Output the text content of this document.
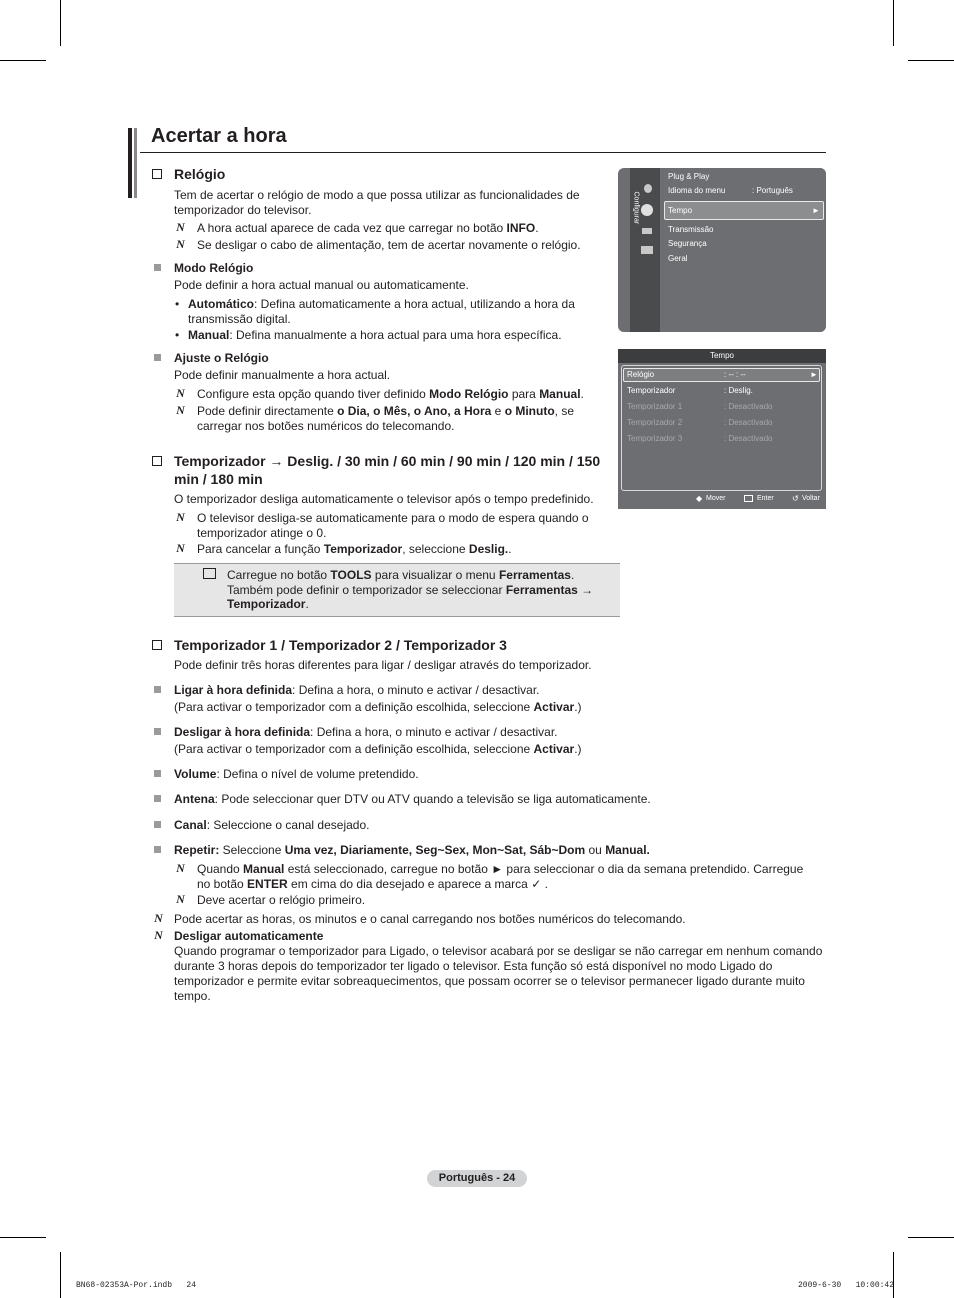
Acertar a hora
Relógio

Tem de acertar o relógio de modo a que possa utilizar as funcionalidades de temporizador do televisor.

N A hora actual aparece de cada vez que carregar no botão INFO.

N Se desligar o cabo de alimentação, tem de acertar novamente o relógio.

Modo Relógio

Pode definir a hora actual manual ou automaticamente.

• Automático: Defina automaticamente a hora actual, utilizando a hora da transmissão digital.

• Manual: Defina manualmente a hora actual para uma hora específica.

Ajuste o Relógio

Pode definir manualmente a hora actual.

N Configure esta opção quando tiver definido Modo Relógio para Manual.

N Pode definir directamente o Dia, o Mês, o Ano, a Hora e o Minuto, se carregar nos botões numéricos do telecomando.

Temporizador → Deslig. / 30 min / 60 min / 90 min / 120 min / 150 min / 180 min

O temporizador desliga automaticamente o televisor após o tempo predefinido.

N O televisor desliga-se automaticamente para o modo de espera quando o temporizador atinge o 0.

N Para cancelar a função Temporizador, seleccione Deslig..

Carregue no botão TOOLS para visualizar o menu Ferramentas. Também pode definir o temporizador se seleccionar Ferramentas →
Temporizador.

Temporizador 1 / Temporizador 2 / Temporizador 3

Pode definir três horas diferentes para ligar / desligar através do temporizador.

Ligar à hora definida: Defina a hora, o minuto e activar / desactivar.

(Para activar o temporizador com a definição escolhida, seleccione Activar.)

Desligar à hora definida: Defina a hora, o minuto e activar / desactivar.

(Para activar o temporizador com a definição escolhida, seleccione Activar.)

Volume: Defina o nível de volume pretendido.

Antena: Pode seleccionar quer DTV ou ATV quando a televisão se liga automaticamente.

Canal: Seleccione o canal desejado.

Repetir: Seleccione Uma vez, Diariamente, Seg~Sex, Mon~Sat, Sáb~Dom ou Manual.

N Quando Manual está seleccionado, carregue no botão ► para seleccionar o dia da semana pretendido. Carregue no botão ENTER em cima do dia desejado e aparece a marca ✓ .

N Deve acertar o relógio primeiro.

N Pode acertar as horas, os minutos e o canal carregando nos botões numéricos do telecomando.

N Desligar automaticamente

Quando programar o temporizador para Ligado, o televisor acabará por se desligar se não carregar em nenhum comando durante 3 horas depois do temporizador ter ligado o televisor. Esta função só está disponível no modo Ligado do temporizador e permite evitar sobreaquecimentos, que possam ocorrer se o televisor permanecer ligado durante muito tempo.

Configurar
Plug & Play
Idioma do menu	: Português
Tempo	►
Transmissão
Segurança
Geral
Tempo
Relógio	: -- : --	►
Temporizador	: Deslig.
Temporizador 1	: Desactivado
Temporizador 2	: Desactivado
Temporizador 3	: Desactivado
◆ Mover	Enter ↺ Voltar
Português - 24
BN68-02353A-Por.indb   24	2009-6-30   10:00:42
